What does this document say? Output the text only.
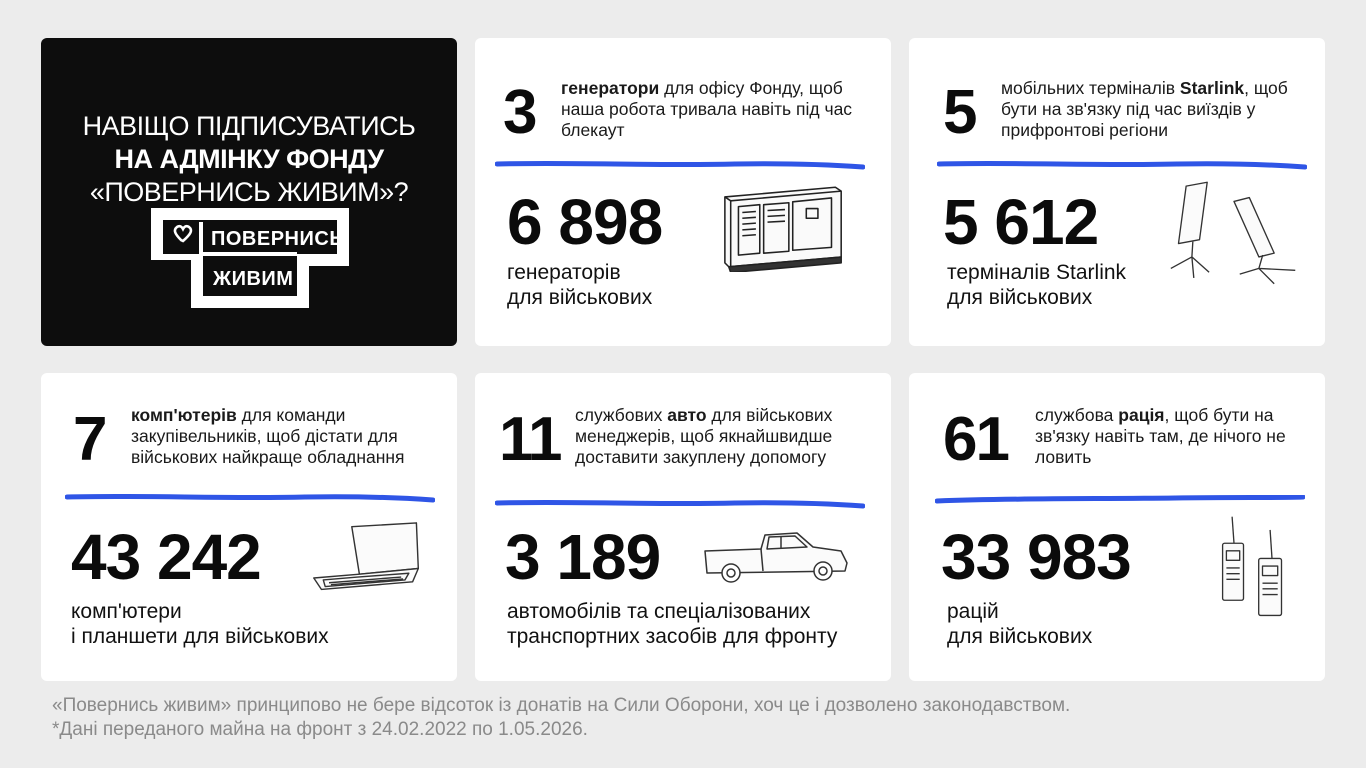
НАВІЩО ПІДПИСУВАТИСЬ
НА АДМІНКУ ФОНДУ
«ПОВЕРНИСЬ ЖИВИМ»?
ПОВЕРНИСЬ
ЖИВИМ
3 генератори для офісу Фонду, щоб наша робота тривала навіть під час блекаут
6 898
генераторів
для військових
5 мобільних терміналів Starlink, щоб бути на зв'язку під час виїздів у прифронтові регіони
5 612
терміналів Starlink
для військових
7 комп'ютерів для команди закупівельників, щоб дістати для військових найкраще обладнання
43 242
комп'ютери
і планшети для військових
11 службових авто для військових менеджерів, щоб якнайшвидше доставити закуплену допомогу
3 189
автомобілів та спеціалізованих
транспортних засобів для фронту
61 службова рація, щоб бути на зв'язку навіть там, де нічого не ловить
33 983
рацій
для військових
«Повернись живим» принципово не бере відсоток із донатів на Сили Оборони, хоч це і дозволено законодавством.
*Дані переданого майна на фронт з 24.02.2022 по 1.05.2026.
